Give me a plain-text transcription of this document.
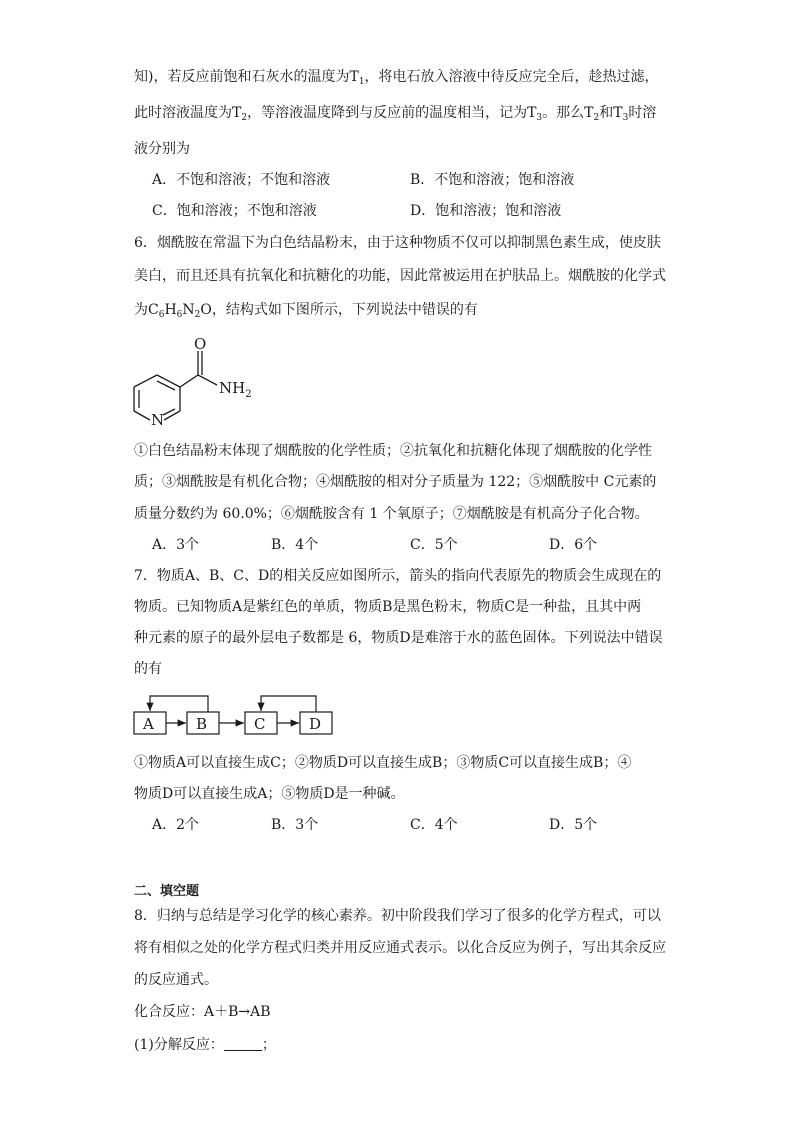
知)，若反应前饱和石灰水的温度为$T_1$，将电石放入溶液中待反应完全后，趁热过滤，
此时溶液温度为$T_2$，等溶液温度降到与反应前的温度相当，记为$T_3$。那么$T_2$和$T_3$时溶
液分别为
A．不饱和溶液；不饱和溶液	B．不饱和溶液；饱和溶液
C．饱和溶液；不饱和溶液	D．饱和溶液；饱和溶液
6．烟酰胺在常温下为白色结晶粉末，由于这种物质不仅可以抑制黑色素生成，使皮肤
美白，而且还具有抗氧化和抗糖化的功能，因此常被运用在护肤品上。烟酰胺的化学式
为$C_6H_6N_2O$，结构式如下图所示，下列说法中错误的有
O
$NH_2$
N
①白色结晶粉末体现了烟酰胺的化学性质；②抗氧化和抗糖化体现了烟酰胺的化学性
质；③烟酰胺是有机化合物；④烟酰胺的相对分子质量为 122；⑤烟酰胺中 C元素的
质量分数约为 60.0%；⑥烟酰胺含有 1 个氧原子；⑦烟酰胺是有机高分子化合物。
A．3个	B．4个	C．5个	D．6个
7．物质A、B、C、D的相关反应如图所示，箭头的指向代表原先的物质会生成现在的
物质。已知物质A是紫红色的单质，物质B是黑色粉末，物质C是一种盐，且其中两
种元素的原子的最外层电子数都是 6，物质D是难溶于水的蓝色固体。下列说法中错误
的有
A	B	C	D
①物质A可以直接生成C；②物质D可以直接生成B；③物质C可以直接生成B；④
物质D可以直接生成A；⑤物质D是一种碱。
A．2个	B．3个	C．4个	D．5个
二、填空题
8．归纳与总结是学习化学的核心素养。初中阶段我们学习了很多的化学方程式，可以
将有相似之处的化学方程式归类并用反应通式表示。以化合反应为例子，写出其余反应
的反应通式。
化合反应：A＋B→AB
(1)分解反应：	；
